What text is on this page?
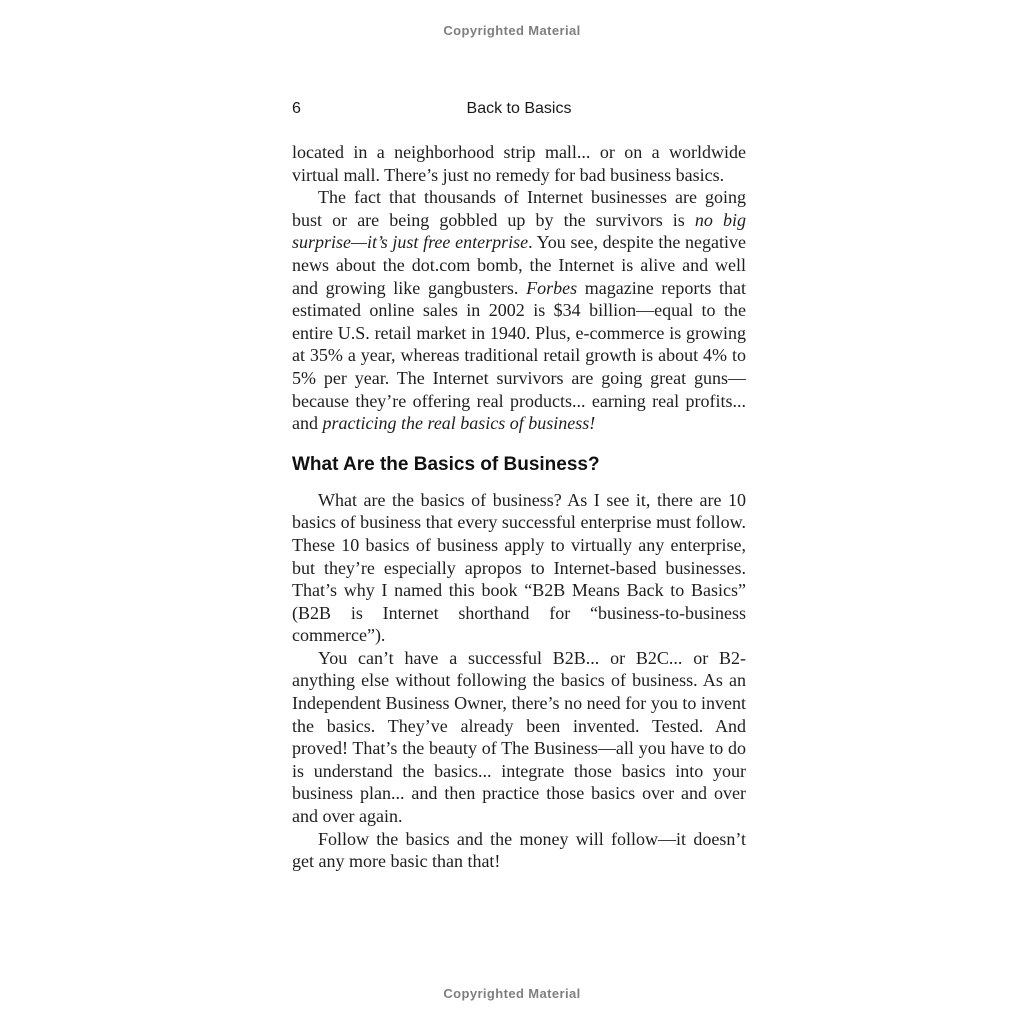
Copyrighted Material
6	Back to Basics

located in a neighborhood strip mall... or on a worldwide virtual mall. There’s just no remedy for bad business basics.

The fact that thousands of Internet businesses are going bust or are being gobbled up by the survivors is no big surprise—it’s just free enterprise. You see, despite the negative news about the dot.com bomb, the Internet is alive and well and growing like gangbusters. Forbes magazine reports that estimated online sales in 2002 is $34 billion—equal to the entire U.S. retail market in 1940. Plus, e-commerce is growing at 35% a year, whereas traditional retail growth is about 4% to 5% per year. The Internet survivors are going great guns—because they’re offering real products... earning real profits... and practicing the real basics of business!

What Are the Basics of Business?

What are the basics of business? As I see it, there are 10 basics of business that every successful enterprise must follow. These 10 basics of business apply to virtually any enterprise, but they’re especially apropos to Internet-based businesses. That’s why I named this book “B2B Means Back to Basics” (B2B is Internet shorthand for “business-to-business commerce”).

You can’t have a successful B2B... or B2C... or B2-anything else without following the basics of business. As an Independent Business Owner, there’s no need for you to invent the basics. They’ve already been invented. Tested. And proved! That’s the beauty of The Business—all you have to do is understand the basics... integrate those basics into your business plan... and then practice those basics over and over and over again.

Follow the basics and the money will follow—it doesn’t get any more basic than that!

Copyrighted Material
